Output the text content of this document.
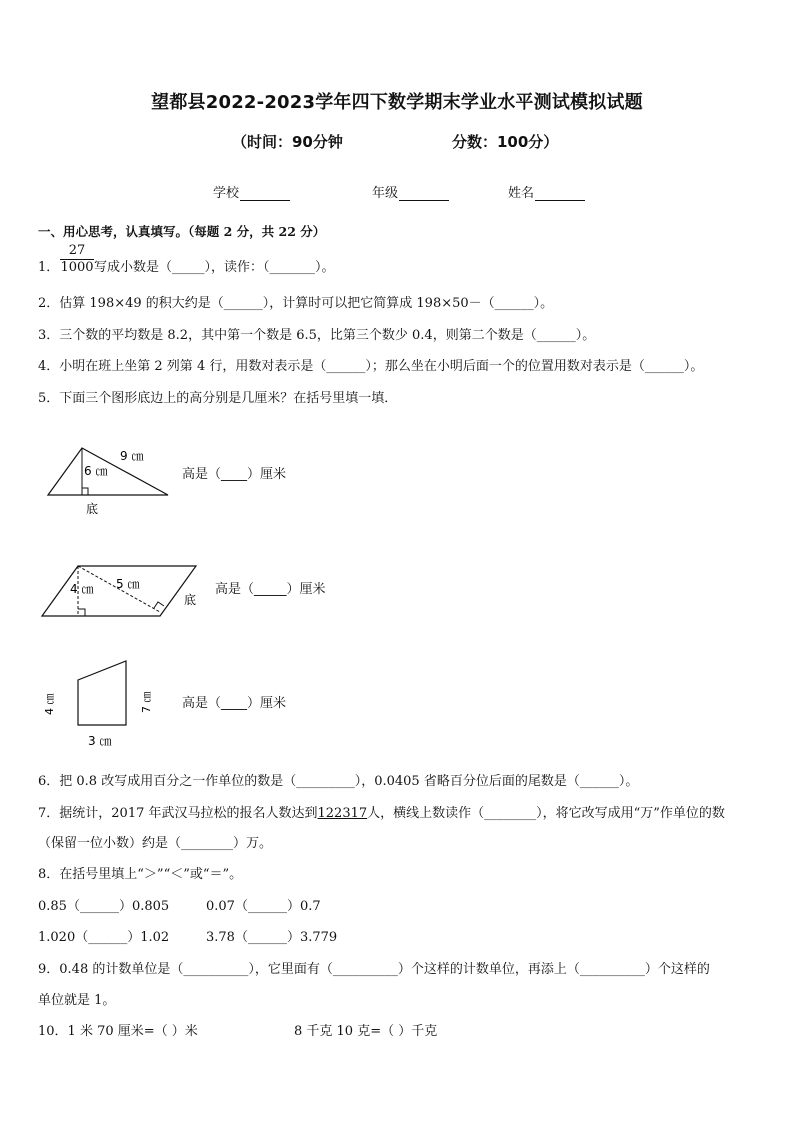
望都县2022-2023学年四下数学期末学业水平测试模拟试题
（时间：90分钟	分数：100分）
学校	年级	姓名
一、用心思考，认真填写。（每题 2 分，共 22 分）
1． $\frac{27}{1000}$ 写成小数是（_____），读作：（_______）。
2．估算 198×49 的积大约是（______），计算时可以把它简算成 198×50－（______）。
3．三个数的平均数是 8.2，其中第一个数是 6.5，比第三个数少 0.4，则第二个数是（______）。
4．小明在班上坐第 2 列第 4 行，用数对表示是（______）；那么坐在小明后面一个的位置用数对表示是（______）。
5．下面三个图形底边上的高分别是几厘米？在括号里填一填．
9 ㎝
6 ㎝
底
高是（____）厘米
4 ㎝ 5 ㎝
底
高是（_____）厘米
4 ㎝	7 ㎝
3 ㎝
高是（____）厘米
6．把 0.8 改写成用百分之一作单位的数是（_________），0.0405 省略百分位后面的尾数是（______）。
7．据统计，2017 年武汉马拉松的报名人数达到122317人，横线上数读作（________），将它改写成用“万”作单位的数
（保留一位小数）约是（________）万。
8．在括号里填上“＞”“＜”或“＝”。
0.85（______）0.805	0.07（______）0.7
1.020（______）1.02	3.78（______）3.779
9．0.48 的计数单位是（__________），它里面有（__________）个这样的计数单位，再添上（__________）个这样的
单位就是 1。
10．1 米 70 厘米=（ ）米	8 千克 10 克=（ ）千克
